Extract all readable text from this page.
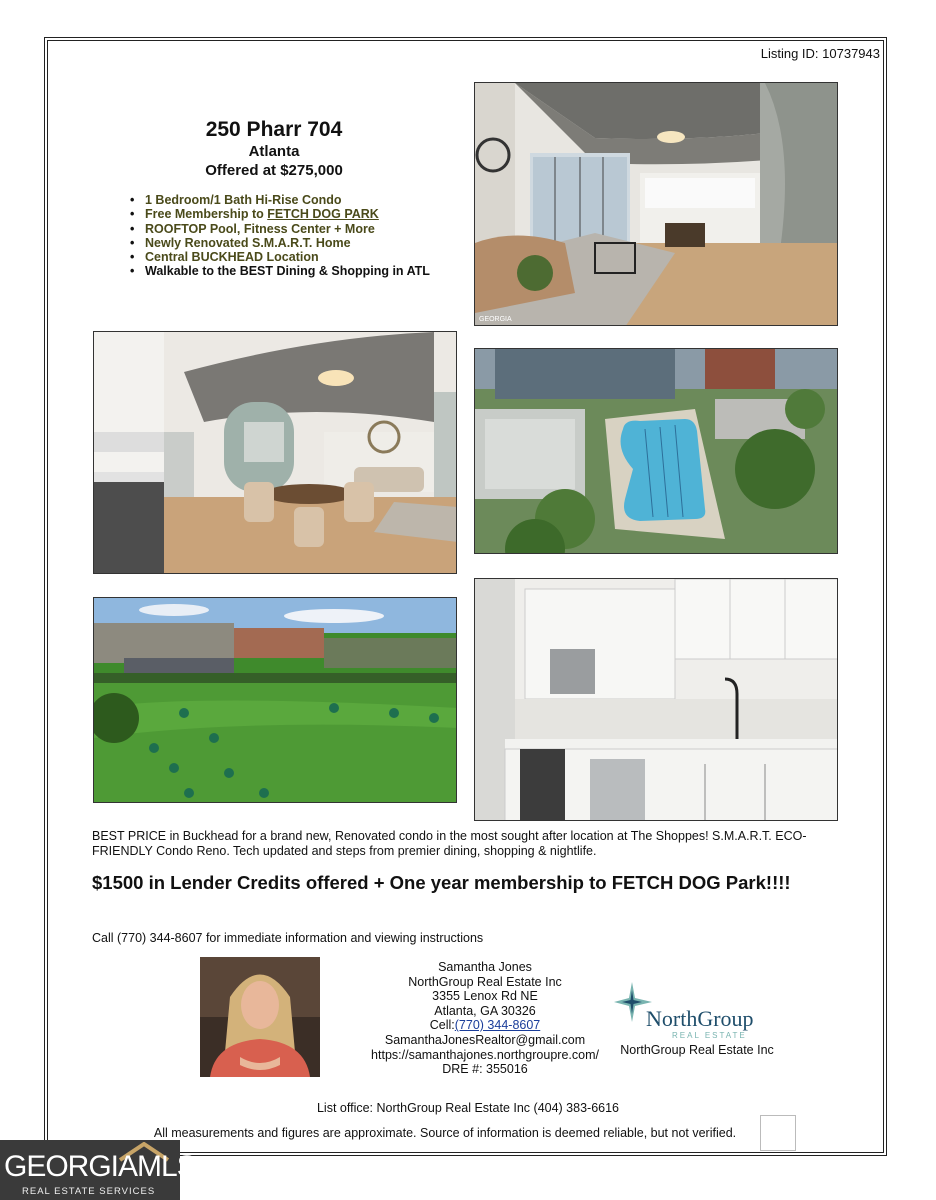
Listing ID: 10737943
250 Pharr 704
Atlanta
Offered at $275,000
• 1 Bedroom/1 Bath Hi-Rise Condo
• Free Membership to FETCH DOG PARK
• ROOFTOP Pool, Fitness Center + More
• Newly Renovated S.M.A.R.T. Home
• Central BUCKHEAD Location
• Walkable to the BEST Dining & Shopping in ATL
GEORGIA
BEST PRICE in Buckhead for a brand new, Renovated condo in the most sought after location at The Shoppes! S.M.A.R.T. ECO-FRIENDLY Condo Reno. Tech updated and steps from premier dining, shopping & nightlife.
$1500 in Lender Credits offered + One year membership to FETCH DOG Park!!!!
Call (770) 344-8607 for immediate information and viewing instructions
Samantha Jones
NorthGroup Real Estate Inc
3355 Lenox Rd NE
Atlanta, GA 30326
Cell:(770) 344-8607
SamanthaJonesRealtor@gmail.com
https://samanthajones.northgroupre.com/
DRE #: 355016
NorthGroup
REAL ESTATE
NorthGroup Real Estate Inc
List office: NorthGroup Real Estate Inc (404) 383-6616
All measurements and figures are approximate. Source of information is deemed reliable, but not verified.
GEORGIAMLS
REAL ESTATE SERVICES
